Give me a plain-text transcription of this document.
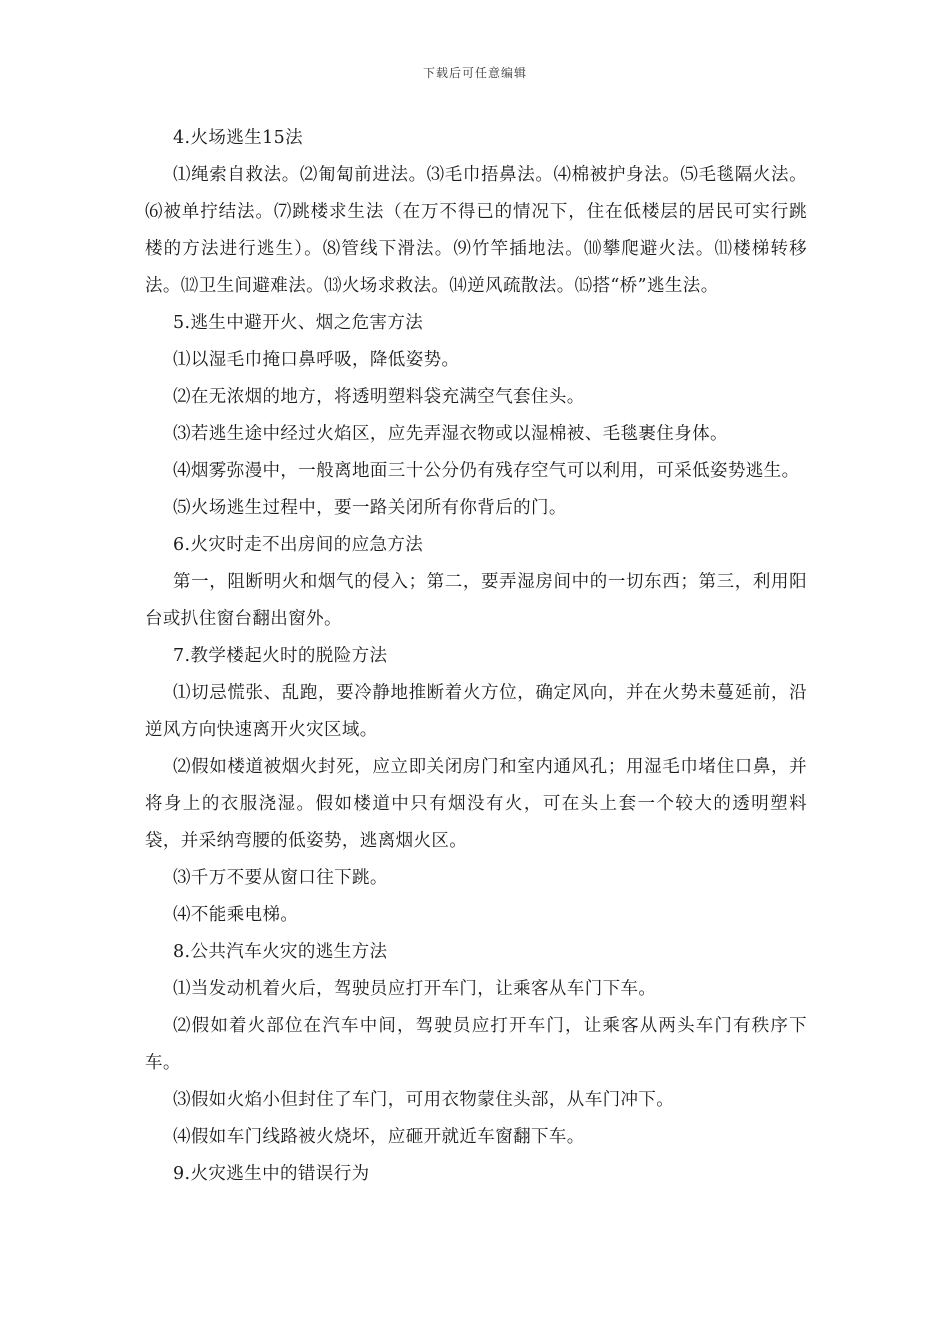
下载后可任意编辑

4.火场逃生15法

⑴绳索自救法。⑵匍匐前进法。⑶毛巾捂鼻法。⑷棉被护身法。⑸毛毯隔火法。⑹被单拧结法。⑺跳楼求生法（在万不得已的情况下，住在低楼层的居民可实行跳楼的方法进行逃生）。⑻管线下滑法。⑼竹竿插地法。⑽攀爬避火法。⑾楼梯转移法。⑿卫生间避难法。⒀火场求救法。⒁逆风疏散法。⒂搭“桥”逃生法。

5.逃生中避开火、烟之危害方法

⑴以湿毛巾掩口鼻呼吸，降低姿势。

⑵在无浓烟的地方，将透明塑料袋充满空气套住头。

⑶若逃生途中经过火焰区，应先弄湿衣物或以湿棉被、毛毯裹住身体。

⑷烟雾弥漫中，一般离地面三十公分仍有残存空气可以利用，可采低姿势逃生。

⑸火场逃生过程中，要一路关闭所有你背后的门。

6.火灾时走不出房间的应急方法

第一，阻断明火和烟气的侵入；第二，要弄湿房间中的一切东西；第三，利用阳台或扒住窗台翻出窗外。

7.教学楼起火时的脱险方法

⑴切忌慌张、乱跑，要冷静地推断着火方位，确定风向，并在火势未蔓延前，沿逆风方向快速离开火灾区域。

⑵假如楼道被烟火封死，应立即关闭房门和室内通风孔；用湿毛巾堵住口鼻，并将身上的衣服浇湿。假如楼道中只有烟没有火，可在头上套一个较大的透明塑料袋，并采纳弯腰的低姿势，逃离烟火区。

⑶千万不要从窗口往下跳。

⑷不能乘电梯。

8.公共汽车火灾的逃生方法

⑴当发动机着火后，驾驶员应打开车门，让乘客从车门下车。

⑵假如着火部位在汽车中间，驾驶员应打开车门，让乘客从两头车门有秩序下车。

⑶假如火焰小但封住了车门，可用衣物蒙住头部，从车门冲下。

⑷假如车门线路被火烧坏，应砸开就近车窗翻下车。

9.火灾逃生中的错误行为
